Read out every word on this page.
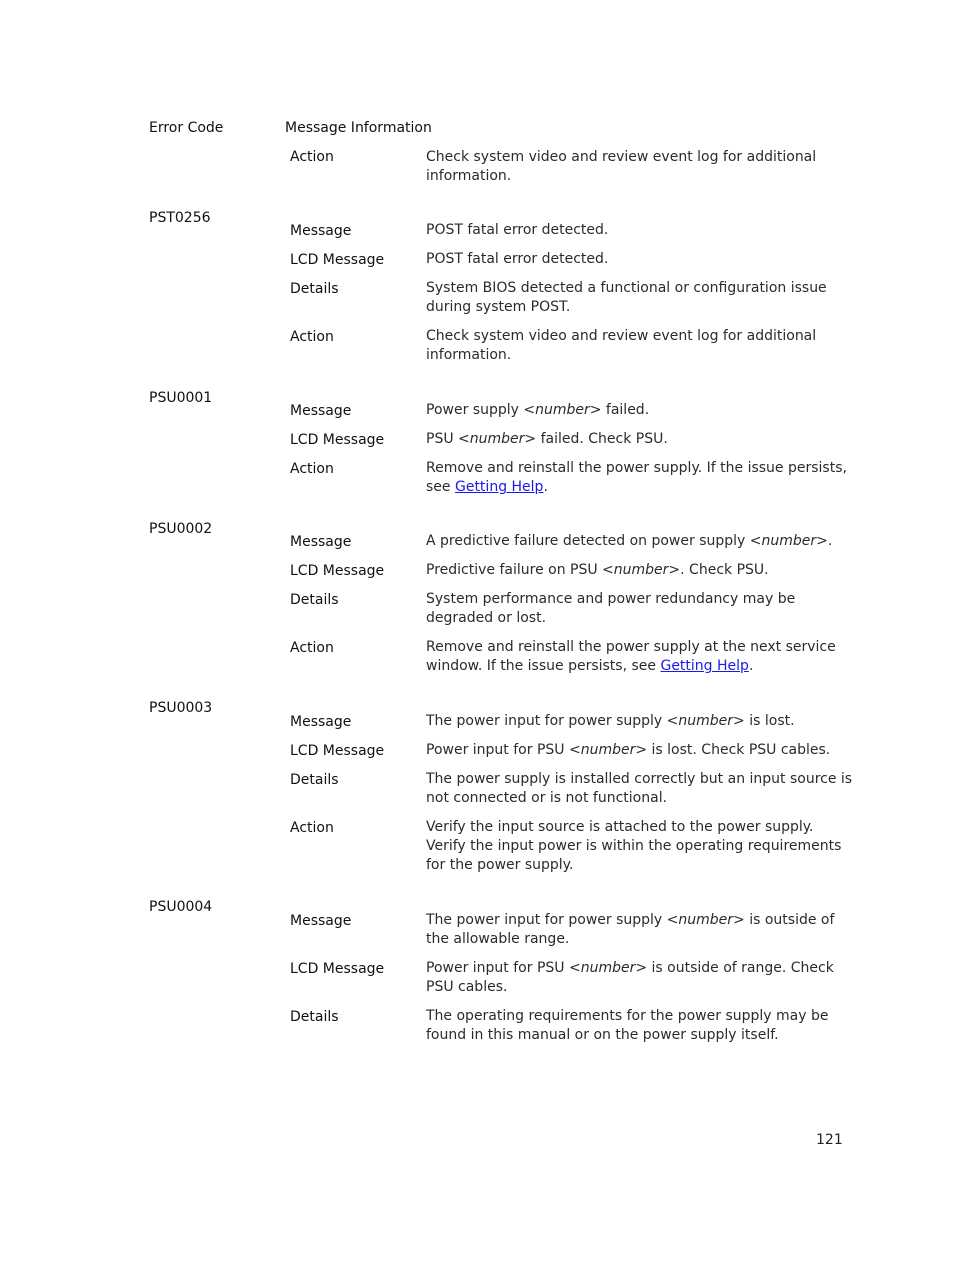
Error Code	Message Information
Action	Check system video and review event log for additional
information.
PST0256
Message	POST fatal error detected.
LCD Message	POST fatal error detected.
Details	System BIOS detected a functional or configuration issue
during system POST.
Action	Check system video and review event log for additional
information.
PSU0001
Message	Power supply <number> failed.
LCD Message	PSU <number> failed. Check PSU.
Action	Remove and reinstall the power supply. If the issue persists,
see Getting Help.
PSU0002
Message	A predictive failure detected on power supply <number>.
LCD Message	Predictive failure on PSU <number>. Check PSU.
Details	System performance and power redundancy may be
degraded or lost.
Action	Remove and reinstall the power supply at the next service
window. If the issue persists, see Getting Help.
PSU0003
Message	The power input for power supply <number> is lost.
LCD Message	Power input for PSU <number> is lost. Check PSU cables.
Details	The power supply is installed correctly but an input source is
not connected or is not functional.
Action	Verify the input source is attached to the power supply.
Verify the input power is within the operating requirements
for the power supply.
PSU0004
Message	The power input for power supply <number> is outside of
the allowable range.
LCD Message	Power input for PSU <number> is outside of range. Check
PSU cables.
Details	The operating requirements for the power supply may be
found in this manual or on the power supply itself.
121
